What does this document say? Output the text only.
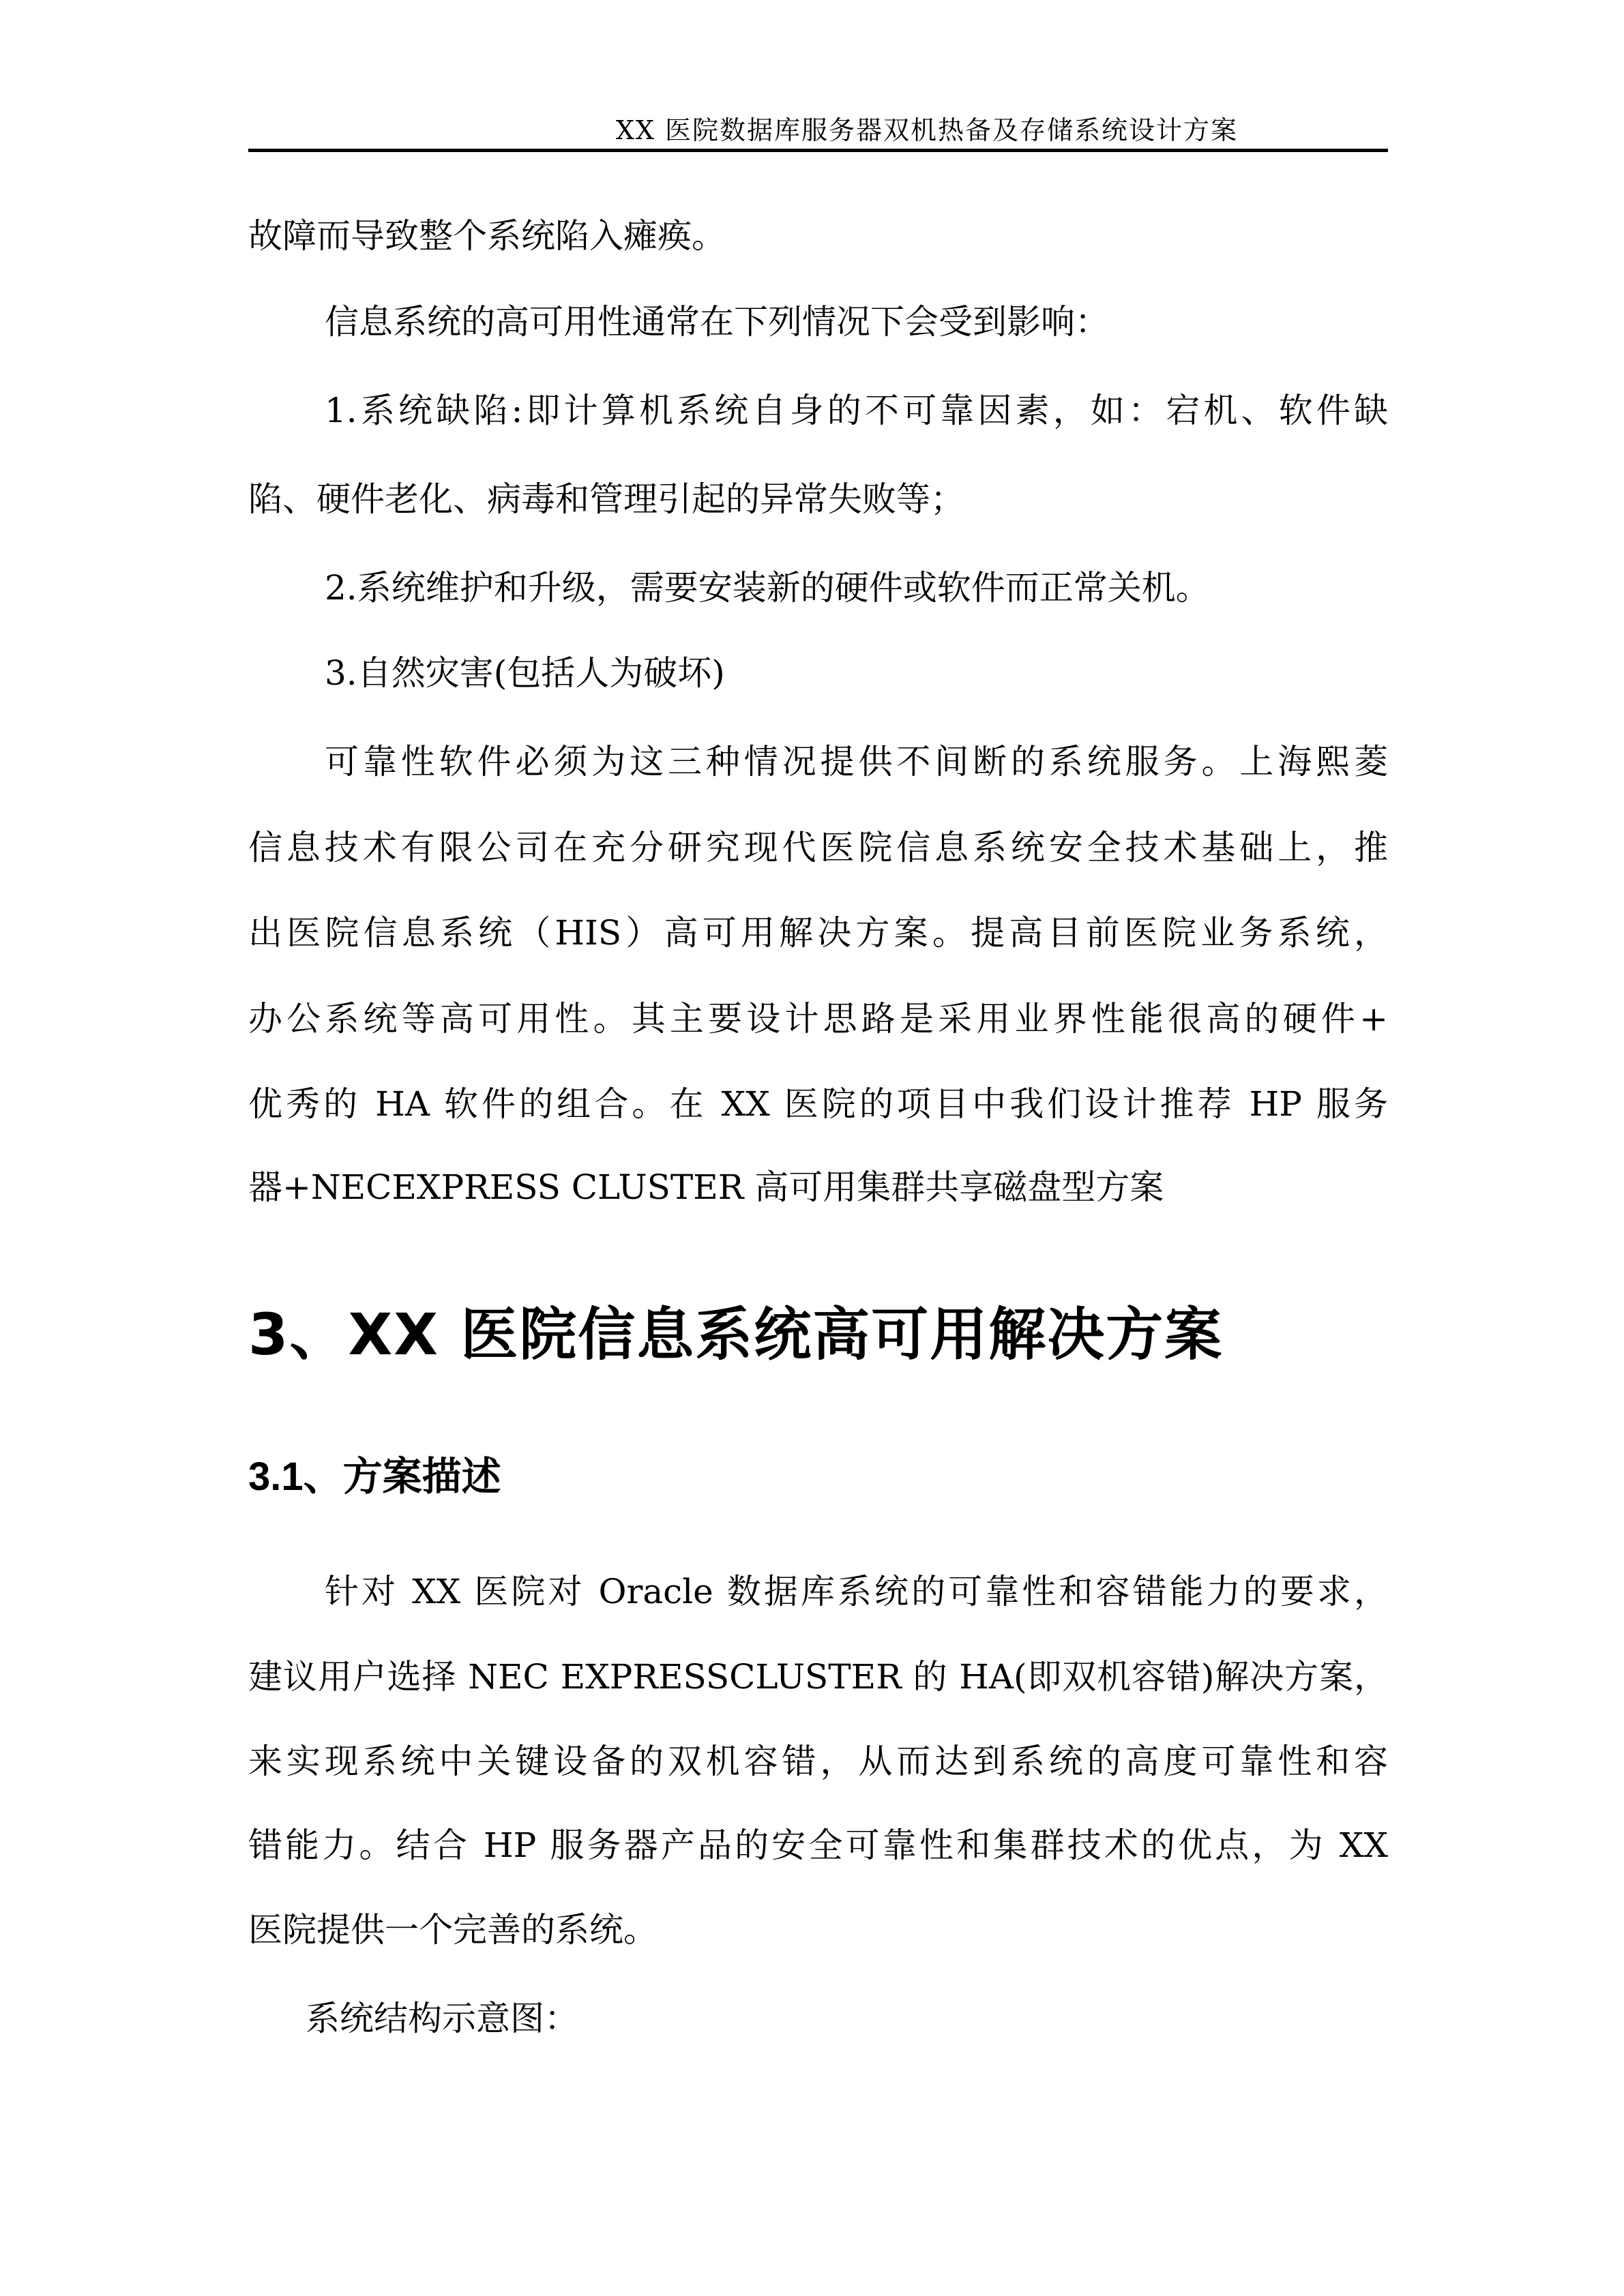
XX 医院数据库服务器双机热备及存储系统设计方案
故障而导致整个系统陷入瘫痪。
信息系统的高可用性通常在下列情况下会受到影响：
1.系统缺陷:即计算机系统自身的不可靠因素，如：宕机、软件缺
陷、硬件老化、病毒和管理引起的异常失败等；
2.系统维护和升级，需要安装新的硬件或软件而正常关机。
3.自然灾害(包括人为破坏)
可靠性软件必须为这三种情况提供不间断的系统服务。上海熙菱
信息技术有限公司在充分研究现代医院信息系统安全技术基础上，推
出医院信息系统（HIS）高可用解决方案。提高目前医院业务系统，
办公系统等高可用性。其主要设计思路是采用业界性能很高的硬件+
优秀的 HA 软件的组合。在 XX 医院的项目中我们设计推荐 HP 服务
器+NECEXPRESS CLUSTER 高可用集群共享磁盘型方案
3、XX 医院信息系统高可用解决方案
3.1、方案描述
针对 XX 医院对 Oracle 数据库系统的可靠性和容错能力的要求，
建议用户选择 NEC EXPRESSCLUSTER 的 HA(即双机容错)解决方案，
来实现系统中关键设备的双机容错，从而达到系统的高度可靠性和容
错能力。结合 HP 服务器产品的安全可靠性和集群技术的优点，为 XX
医院提供一个完善的系统。
系统结构示意图：
